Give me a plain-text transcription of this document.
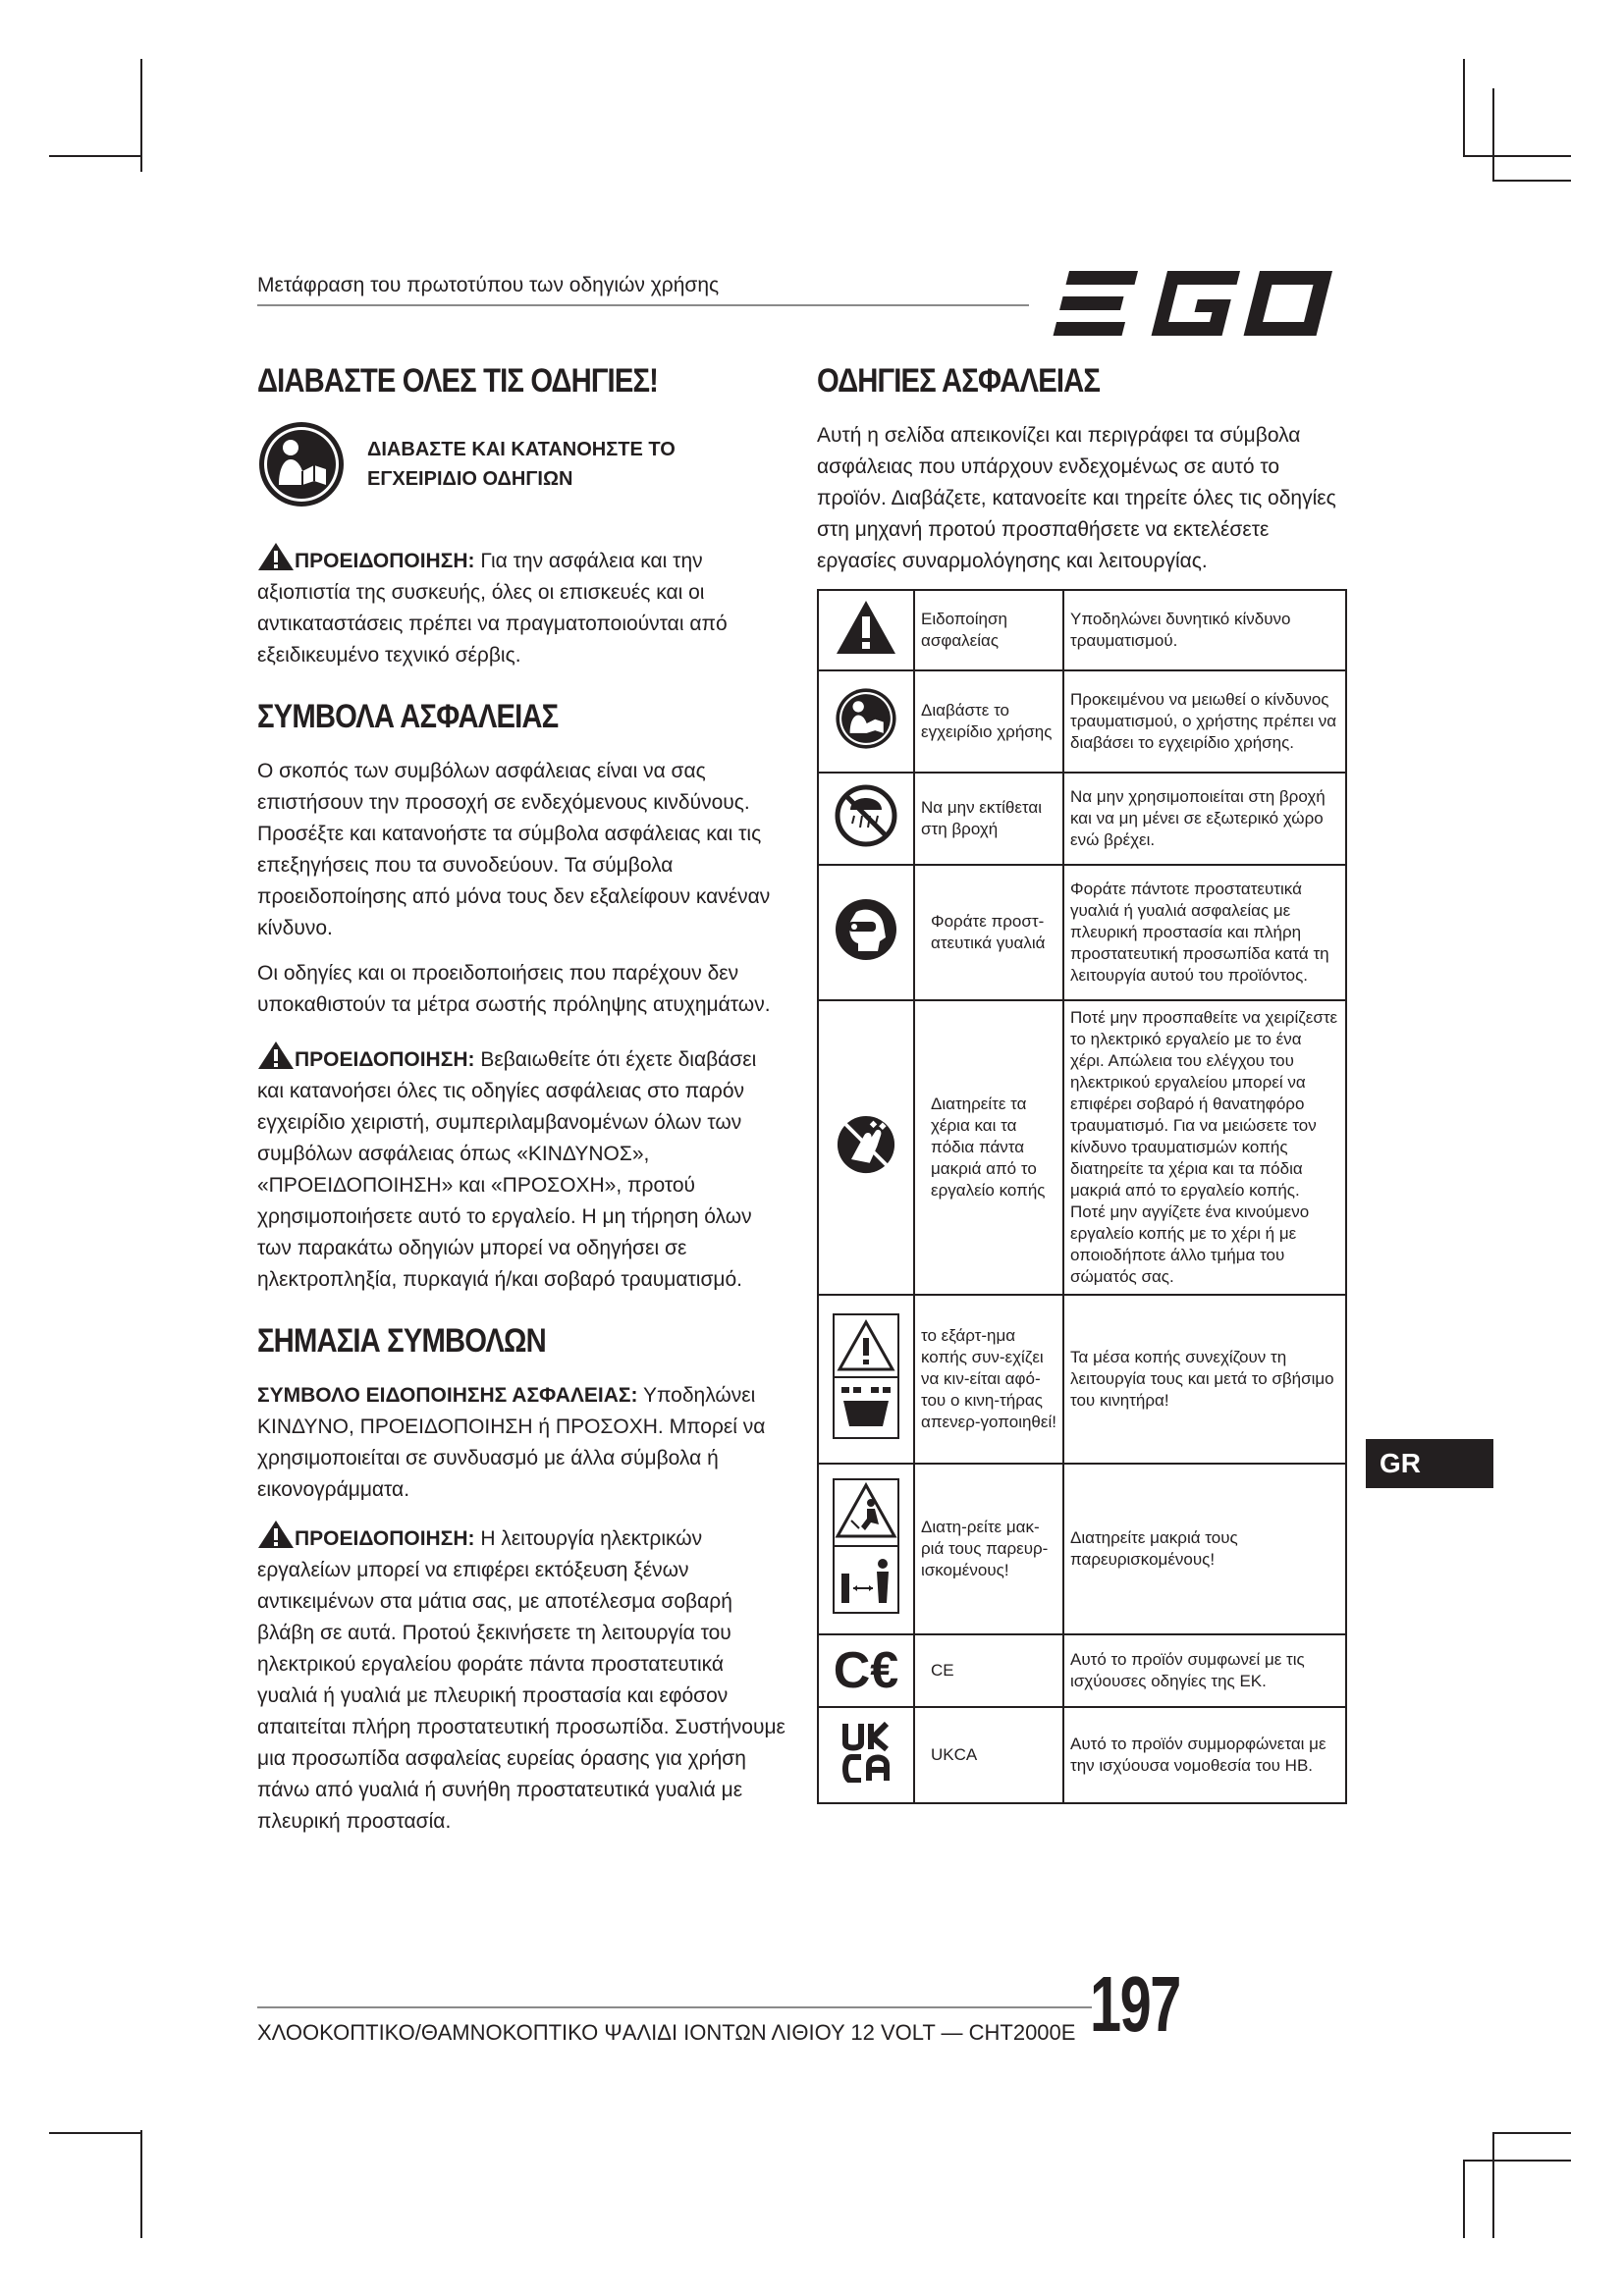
Μετάφραση του πρωτοτύπου των οδηγιών χρήσης
ΔΙΑΒΑΣΤΕ ΟΛΕΣ ΤΙΣ ΟΔΗΓΙΕΣ!
ΔΙΑΒΑΣΤΕ ΚΑΙ ΚΑΤΑΝΟΗΣΤΕ ΤΟ
ΕΓΧΕΙΡΙΔΙΟ ΟΔΗΓΙΩΝ

ΠΡΟΕΙΔΟΠΟΙΗΣΗ: Για την ασφάλεια και την αξιοπιστία της συσκευής, όλες οι επισκευές και οι αντικαταστάσεις πρέπει να πραγματοποιούνται από εξειδικευμένο τεχνικό σέρβις.

ΣΥΜΒΟΛΑ ΑΣΦΑΛΕΙΑΣ

Ο σκοπός των συμβόλων ασφάλειας είναι να σας επιστήσουν την προσοχή σε ενδεχόμενους κινδύνους. Προσέξτε και κατανοήστε τα σύμβολα ασφάλειας και τις επεξηγήσεις που τα συνοδεύουν. Τα σύμβολα προειδοποίησης από μόνα τους δεν εξαλείφουν κανέναν κίνδυνο.

Οι οδηγίες και οι προειδοποιήσεις που παρέχουν δεν υποκαθιστούν τα μέτρα σωστής πρόληψης ατυχημάτων.

ΠΡΟΕΙΔΟΠΟΙΗΣΗ: Βεβαιωθείτε ότι έχετε διαβάσει και κατανοήσει όλες τις οδηγίες ασφάλειας στο παρόν εγχειρίδιο χειριστή, συμπεριλαμβανομένων όλων των συμβόλων ασφάλειας όπως «ΚΙΝΔΥΝΟΣ», «ΠΡΟΕΙΔΟΠΟΙΗΣΗ» και «ΠΡΟΣΟΧΗ», προτού χρησιμοποιήσετε αυτό το εργαλείο. Η μη τήρηση όλων των παρακάτω οδηγιών μπορεί να οδηγήσει σε ηλεκτροπληξία, πυρκαγιά ή/και σοβαρό τραυματισμό.

ΣΗΜΑΣΙΑ ΣΥΜΒΟΛΩΝ

ΣΥΜΒΟΛΟ ΕΙΔΟΠΟΙΗΣΗΣ ΑΣΦΑΛΕΙΑΣ: Υποδηλώνει ΚΙΝΔΥΝΟ, ΠΡΟΕΙΔΟΠΟΙΗΣΗ ή ΠΡΟΣΟΧΗ. Μπορεί να χρησιμοποιείται σε συνδυασμό με άλλα σύμβολα ή εικονογράμματα.

ΠΡΟΕΙΔΟΠΟΙΗΣΗ: Η λειτουργία ηλεκτρικών εργαλείων μπορεί να επιφέρει εκτόξευση ξένων αντικειμένων στα μάτια σας, με αποτέλεσμα σοβαρή βλάβη σε αυτά. Προτού ξεκινήσετε τη λειτουργία του ηλεκτρικού εργαλείου φοράτε πάντα προστατευτικά γυαλιά ή γυαλιά με πλευρική προστασία και εφόσον απαιτείται πλήρη προστατευτική προσωπίδα. Συστήνουμε μια προσωπίδα ασφαλείας ευρείας όρασης για χρήση πάνω από γυαλιά ή συνήθη προστατευτικά γυαλιά με πλευρική προστασία.

ΟΔΗΓΙΕΣ ΑΣΦΑΛΕΙΑΣ

Αυτή η σελίδα απεικονίζει και περιγράφει τα σύμβολα ασφάλειας που υπάρχουν ενδεχομένως σε αυτό το προϊόν. Διαβάζετε, κατανοείτε και τηρείτε όλες τις οδηγίες στη μηχανή προτού προσπαθήσετε να εκτελέσετε εργασίες συναρμολόγησης και λειτουργίας.

	Ειδοποίηση ασφαλείας	Υποδηλώνει δυνητικό κίνδυνο τραυματισμού.
	Διαβάστε το εγχειρίδιο χρήσης	Προκειμένου να μειωθεί ο κίνδυνος τραυματισμού, ο χρήστης πρέπει να διαβάσει το εγχειρίδιο χρήσης.
	Να μην εκτίθεται στη βροχή	Να μην χρησιμοποιείται στη βροχή και να μη μένει σε εξωτερικό χώρο ενώ βρέχει.
	Φοράτε προστ-ατευτικά γυαλιά	Φοράτε πάντοτε προστατευτικά γυαλιά ή γυαλιά ασφαλείας με πλευρική προστασία και πλήρη προστατευτική προσωπίδα κατά τη λειτουργία αυτού του προϊόντος.
	Διατηρείτε τα χέρια και τα πόδια πάντα μακριά από το εργαλείο κοπής	Ποτέ μην προσπαθείτε να χειρίζεστε το ηλεκτρικό εργαλείο με το ένα χέρι. Απώλεια του ελέγχου του ηλεκτρικού εργαλείου μπορεί να επιφέρει σοβαρό ή θανατηφόρο τραυματισμό. Για να μειώσετε τον κίνδυνο τραυματισμών κοπής διατηρείτε τα χέρια και τα πόδια μακριά από το εργαλείο κοπής. Ποτέ μην αγγίζετε ένα κινούμενο εργαλείο κοπής με το χέρι ή με οποιοδήποτε άλλο τμήμα του σώματός σας.
	το εξάρτ-ημα κοπής συν-εχίζει να κιν-είται αφό-του ο κινη-τήρας απενερ-γοποιηθεί!	Τα μέσα κοπής συνεχίζουν τη λειτουργία τους και μετά το σβήσιμο του κινητήρα!
	Διατη-ρείτε μακ-ριά τους παρευρ-ισκομένους!	Διατηρείτε μακριά τους παρευρισκομένους!
C€	CE	Αυτό το προϊόν συμφωνεί με τις ισχύουσες οδηγίες της ΕΚ.
	UKCA	Αυτό το προϊόν συμμορφώνεται με την ισχύουσα νομοθεσία του ΗΒ.
GR
ΧΛΟΟΚΟΠΤΙΚΟ/ΘΑΜΝΟΚΟΠΤΙΚΟ ΨΑΛΙΔΙ ΙΟΝΤΩΝ ΛΙΘΙΟΥ 12 VOLT — CHT2000E 197
